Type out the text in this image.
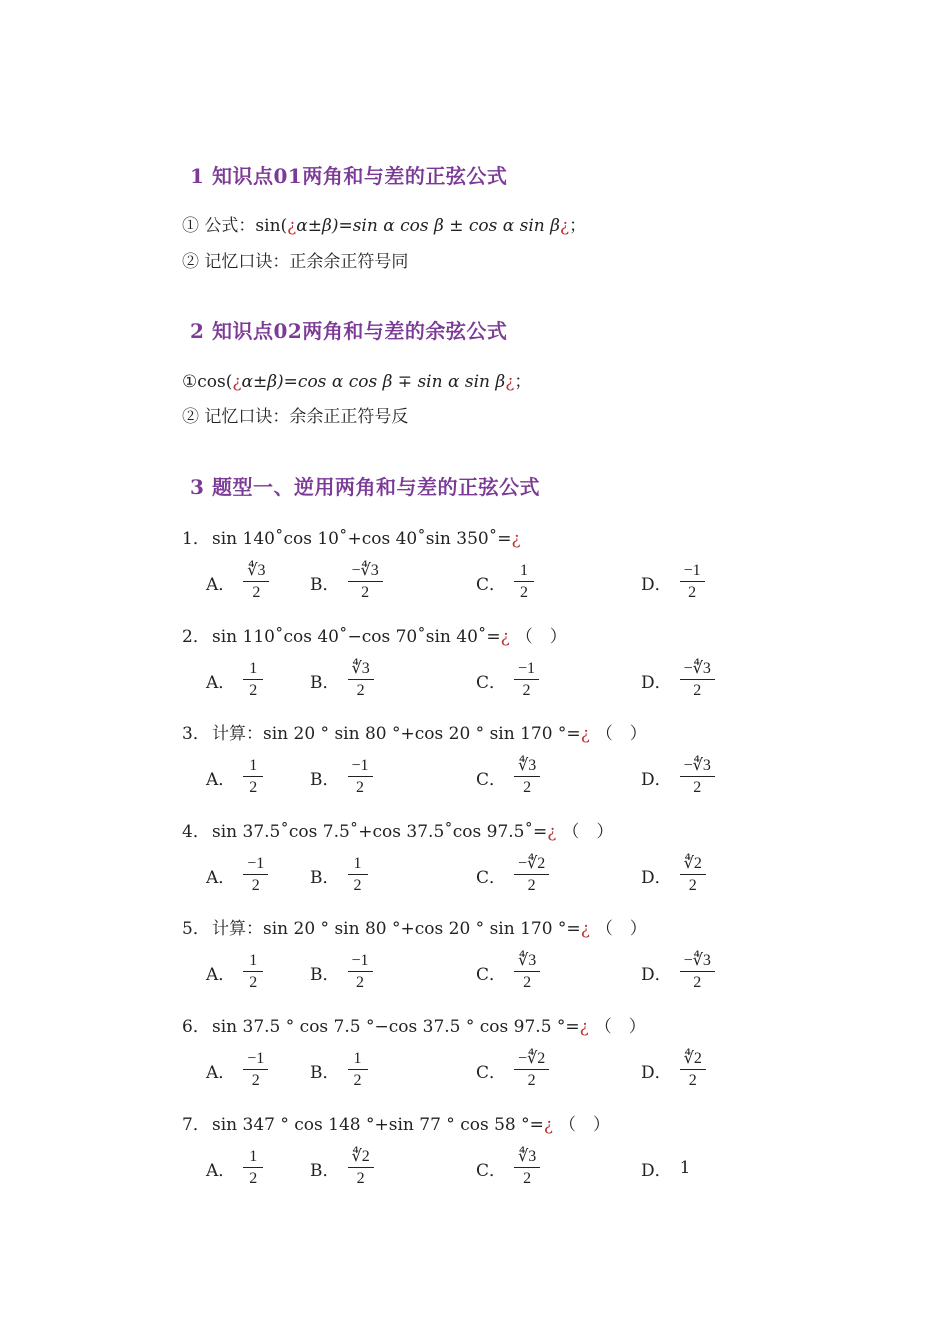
1 知识点01两角和与差的正弦公式
① 公式：sin(¿α±β)=sin α cos β ± cos α sin β¿；
② 记忆口诀：正余余正符号同
2 知识点02两角和与差的余弦公式
①cos(¿α±β)=cos α cos β ∓ sin α sin β¿；
② 记忆口诀：余余正正符号反
3 题型一、逆用两角和与差的正弦公式
1． sin 140˚cos 10˚+cos 40˚sin 350˚=¿
A． $\frac{∜3}{2}$ B． $\frac{-∜3}{2}$	C． $\frac{1}{2}$	D． $\frac{-1}{2}$
2． sin 110˚cos 40˚−cos 70˚sin 40˚=¿ （　）
A． $\frac{1}{2}$	B． $\frac{∜3}{2}$	C． $\frac{-1}{2}$	D． $\frac{-∜3}{2}$
3． 计算：sin 20 ° sin 80 °+cos 20 ° sin 170 °=¿ （　）
A． $\frac{1}{2}$	B． $\frac{-1}{2}$	C． $\frac{∜3}{2}$	D． $\frac{-∜3}{2}$
4． sin 37.5˚cos 7.5˚+cos 37.5˚cos 97.5˚=¿ （　）
A． $\frac{-1}{2}$ B． $\frac{1}{2}$	C． $\frac{-∜2}{2}$	D． $\frac{∜2}{2}$
5． 计算：sin 20 ° sin 80 °+cos 20 ° sin 170 °=¿ （　）
A． $\frac{1}{2}$	B． $\frac{-1}{2}$	C． $\frac{∜3}{2}$	D． $\frac{-∜3}{2}$
6． sin 37.5 ° cos 7.5 °−cos 37.5 ° cos 97.5 °=¿ （　）
A． $\frac{-1}{2}$ B． $\frac{1}{2}$	C． $\frac{-∜2}{2}$	D． $\frac{∜2}{2}$
7． sin 347 ° cos 148 °+sin 77 ° cos 58 °=¿ （　）
A． $\frac{1}{2}$	B． $\frac{∜2}{2}$	C． $\frac{∜3}{2}$	D． 1
